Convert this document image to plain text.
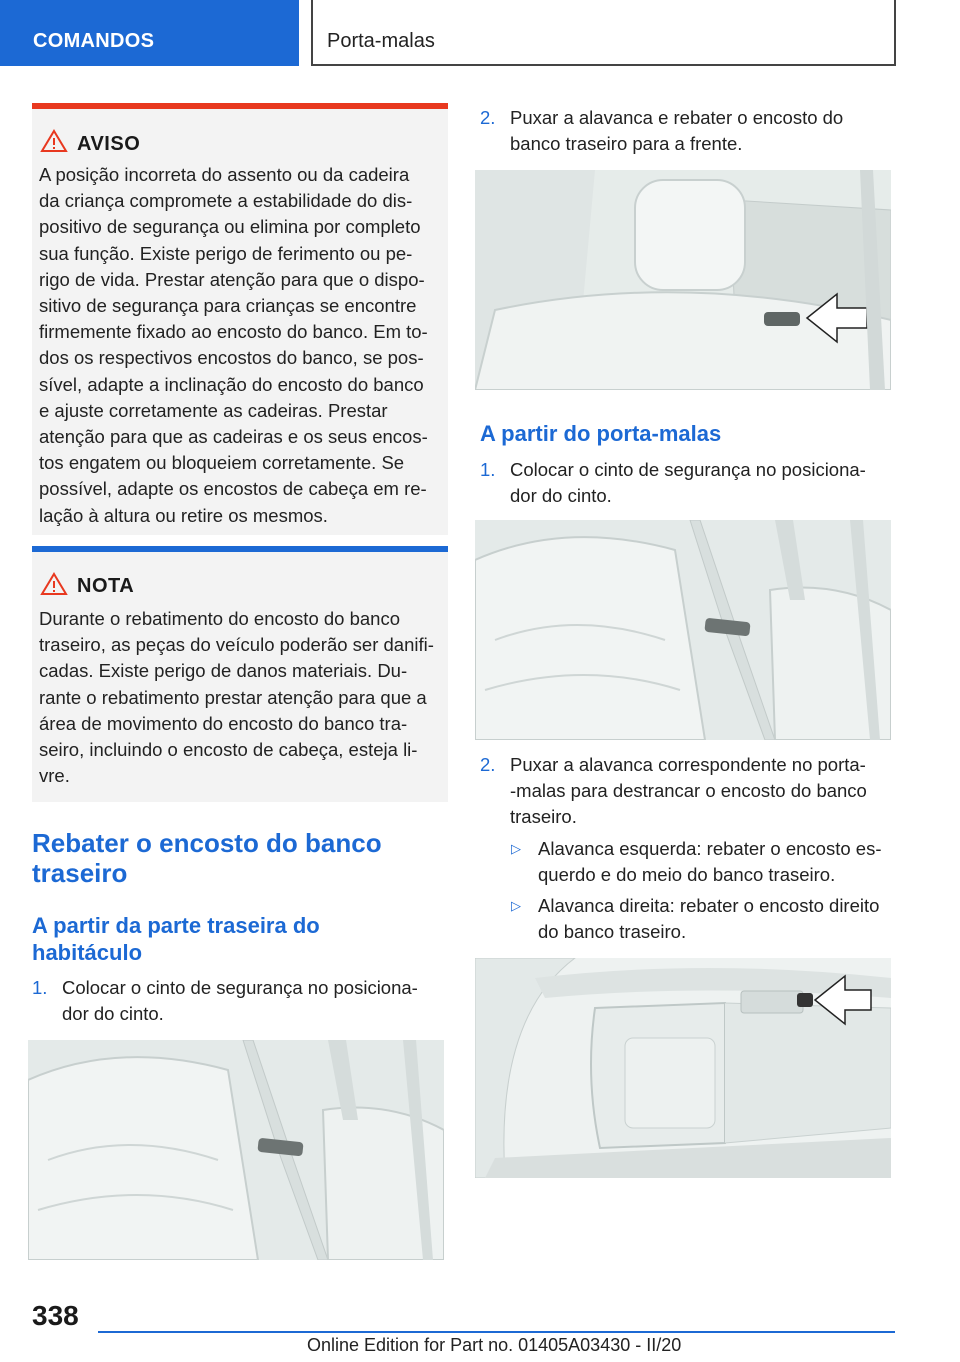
COMANDOS	Porta-malas
AVISO
A posição incorreta do assento ou da cadeira
da criança compromete a estabilidade do dis-
positivo de segurança ou elimina por completo
sua função. Existe perigo de ferimento ou pe-
rigo de vida. Prestar atenção para que o dispo-
sitivo de segurança para crianças se encontre
firmemente fixado ao encosto do banco. Em to-
dos os respectivos encostos do banco, se pos-
sível, adapte a inclinação do encosto do banco
e ajuste corretamente as cadeiras. Prestar
atenção para que as cadeiras e os seus encos-
tos engatem ou bloqueiem corretamente. Se
possível, adapte os encostos de cabeça em re-
lação à altura ou retire os mesmos.
NOTA
Durante o rebatimento do encosto do banco
traseiro, as peças do veículo poderão ser danifi-
cadas. Existe perigo de danos materiais. Du-
rante o rebatimento prestar atenção para que a
área de movimento do encosto do banco tra-
seiro, incluindo o encosto de cabeça, esteja li-
vre.
Rebater o encosto do banco
traseiro
A partir da parte traseira do
habitáculo
1. Colocar o cinto de segurança no posiciona-
dor do cinto.
2. Puxar a alavanca e rebater o encosto do
banco traseiro para a frente.
A partir do porta-malas
1. Colocar o cinto de segurança no posiciona-
dor do cinto.
2. Puxar a alavanca correspondente no porta-
-malas para destrancar o encosto do banco
traseiro.
▷ Alavanca esquerda: rebater o encosto es-
querdo e do meio do banco traseiro.
▷ Alavanca direita: rebater o encosto direito
do banco traseiro.
338
Online Edition for Part no. 01405A03430 - II/20
